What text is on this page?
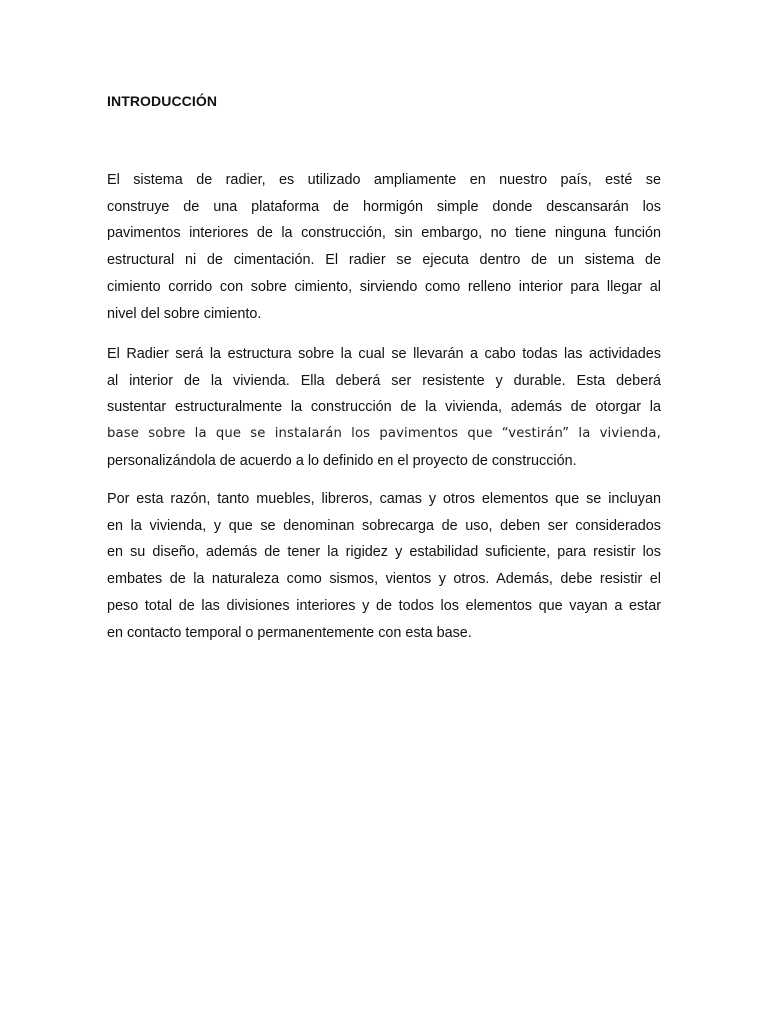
INTRODUCCIÓN

El sistema de radier, es utilizado ampliamente en nuestro país, esté se
construye de una plataforma de hormigón simple donde descansarán los
pavimentos interiores de la construcción, sin embargo, no tiene ninguna función
estructural ni de cimentación. El radier se ejecuta dentro de un sistema de
cimiento corrido con sobre cimiento, sirviendo como relleno interior para llegar al
nivel del sobre cimiento.

El Radier será la estructura sobre la cual se llevarán a cabo todas las actividades
al interior de la vivienda. Ella deberá ser resistente y durable. Esta deberá
sustentar estructuralmente la construcción de la vivienda, además de otorgar la
base sobre la que se instalarán los pavimentos que “vestirán” la vivienda,
personalizándola de acuerdo a lo definido en el proyecto de construcción.

Por esta razón, tanto muebles, libreros, camas y otros elementos que se incluyan
en la vivienda, y que se denominan sobrecarga de uso, deben ser considerados
en su diseño, además de tener la rigidez y estabilidad suficiente, para resistir los
embates de la naturaleza como sismos, vientos y otros. Además, debe resistir el
peso total de las divisiones interiores y de todos los elementos que vayan a estar
en contacto temporal o permanentemente con esta base.
